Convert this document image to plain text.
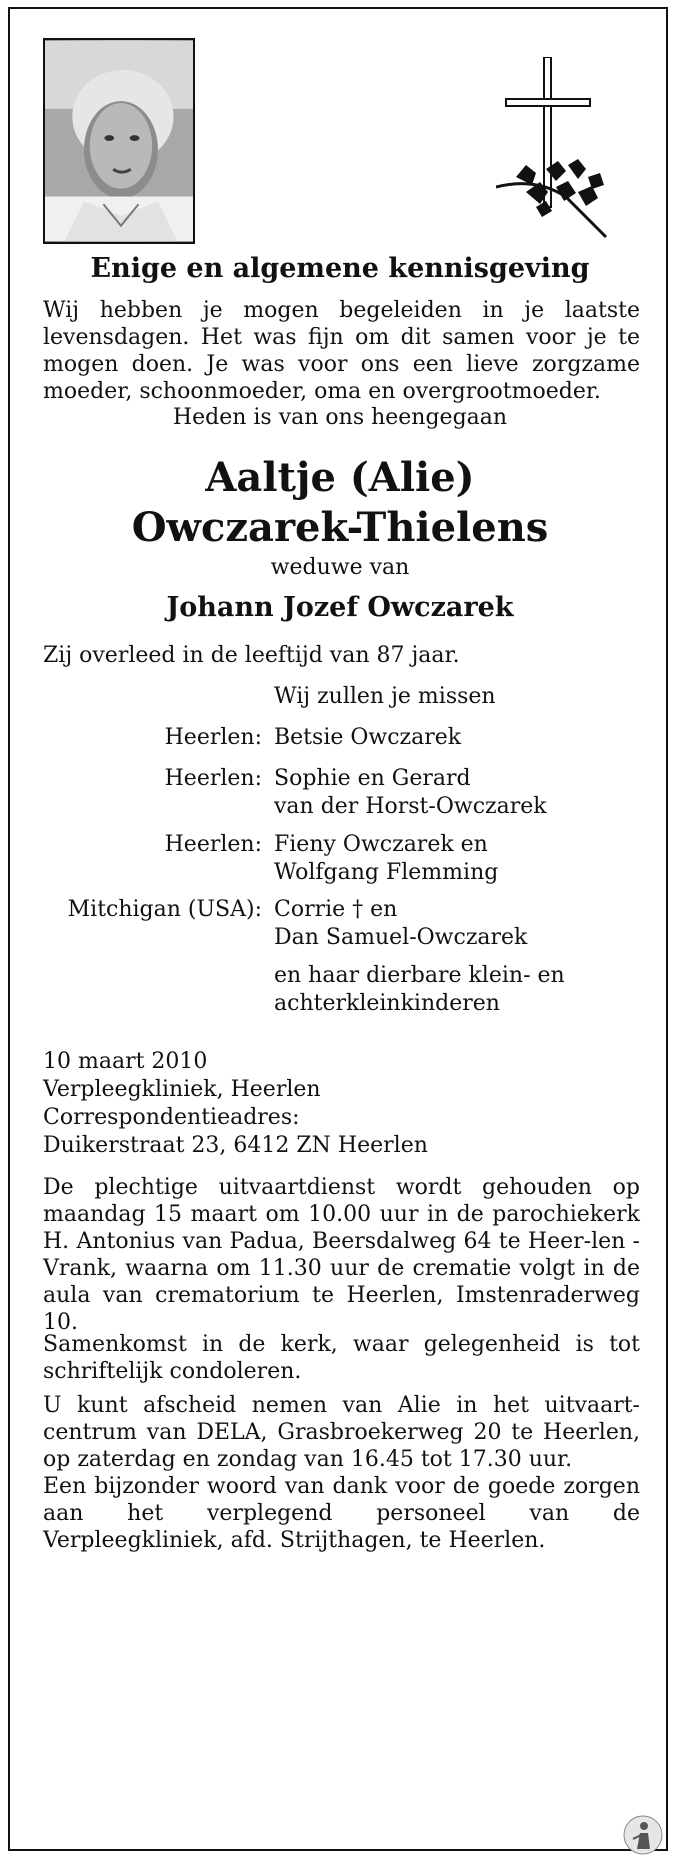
Enige en algemene kennisgeving

Wij hebben je mogen begeleiden in je laatste levensdagen. Het was fijn om dit samen voor je te mogen doen. Je was voor ons een lieve zorgzame moeder, schoonmoeder, oma en overgrootmoeder.

Heden is van ons heengegaan

Aaltje (Alie)
Owczarek-Thielens

weduwe van

Johann Jozef Owczarek

Zij overleed in de leeftijd van 87 jaar.

Wij zullen je missen
Heerlen: Betsie Owczarek
Heerlen: Sophie en Gerard
van der Horst-Owczarek
Heerlen: Fieny Owczarek en
Wolfgang Flemming
Mitchigan (USA): Corrie † en
Dan Samuel-Owczarek
en haar dierbare klein- en
achterkleinkinderen
10 maart 2010
Verpleegkliniek, Heerlen
Correspondentieadres:
Duikerstraat 23, 6412 ZN Heerlen

De plechtige uitvaartdienst wordt gehouden op maandag 15 maart om 10.00 uur in de parochiekerk H. Antonius van Padua, Beersdalweg 64 te Heer-len -Vrank, waarna om 11.30 uur de crematie volgt in de aula van crematorium te Heerlen, Imstenraderweg 10.

Samenkomst in de kerk, waar gelegenheid is tot schriftelijk condoleren.

U kunt afscheid nemen van Alie in het uitvaart-centrum van DELA, Grasbroekerweg 20 te Heerlen, op zaterdag en zondag van 16.45 tot 17.30 uur.

Een bijzonder woord van dank voor de goede zorgen aan het verplegend personeel van de Verpleegkliniek, afd. Strijthagen, te Heerlen.
